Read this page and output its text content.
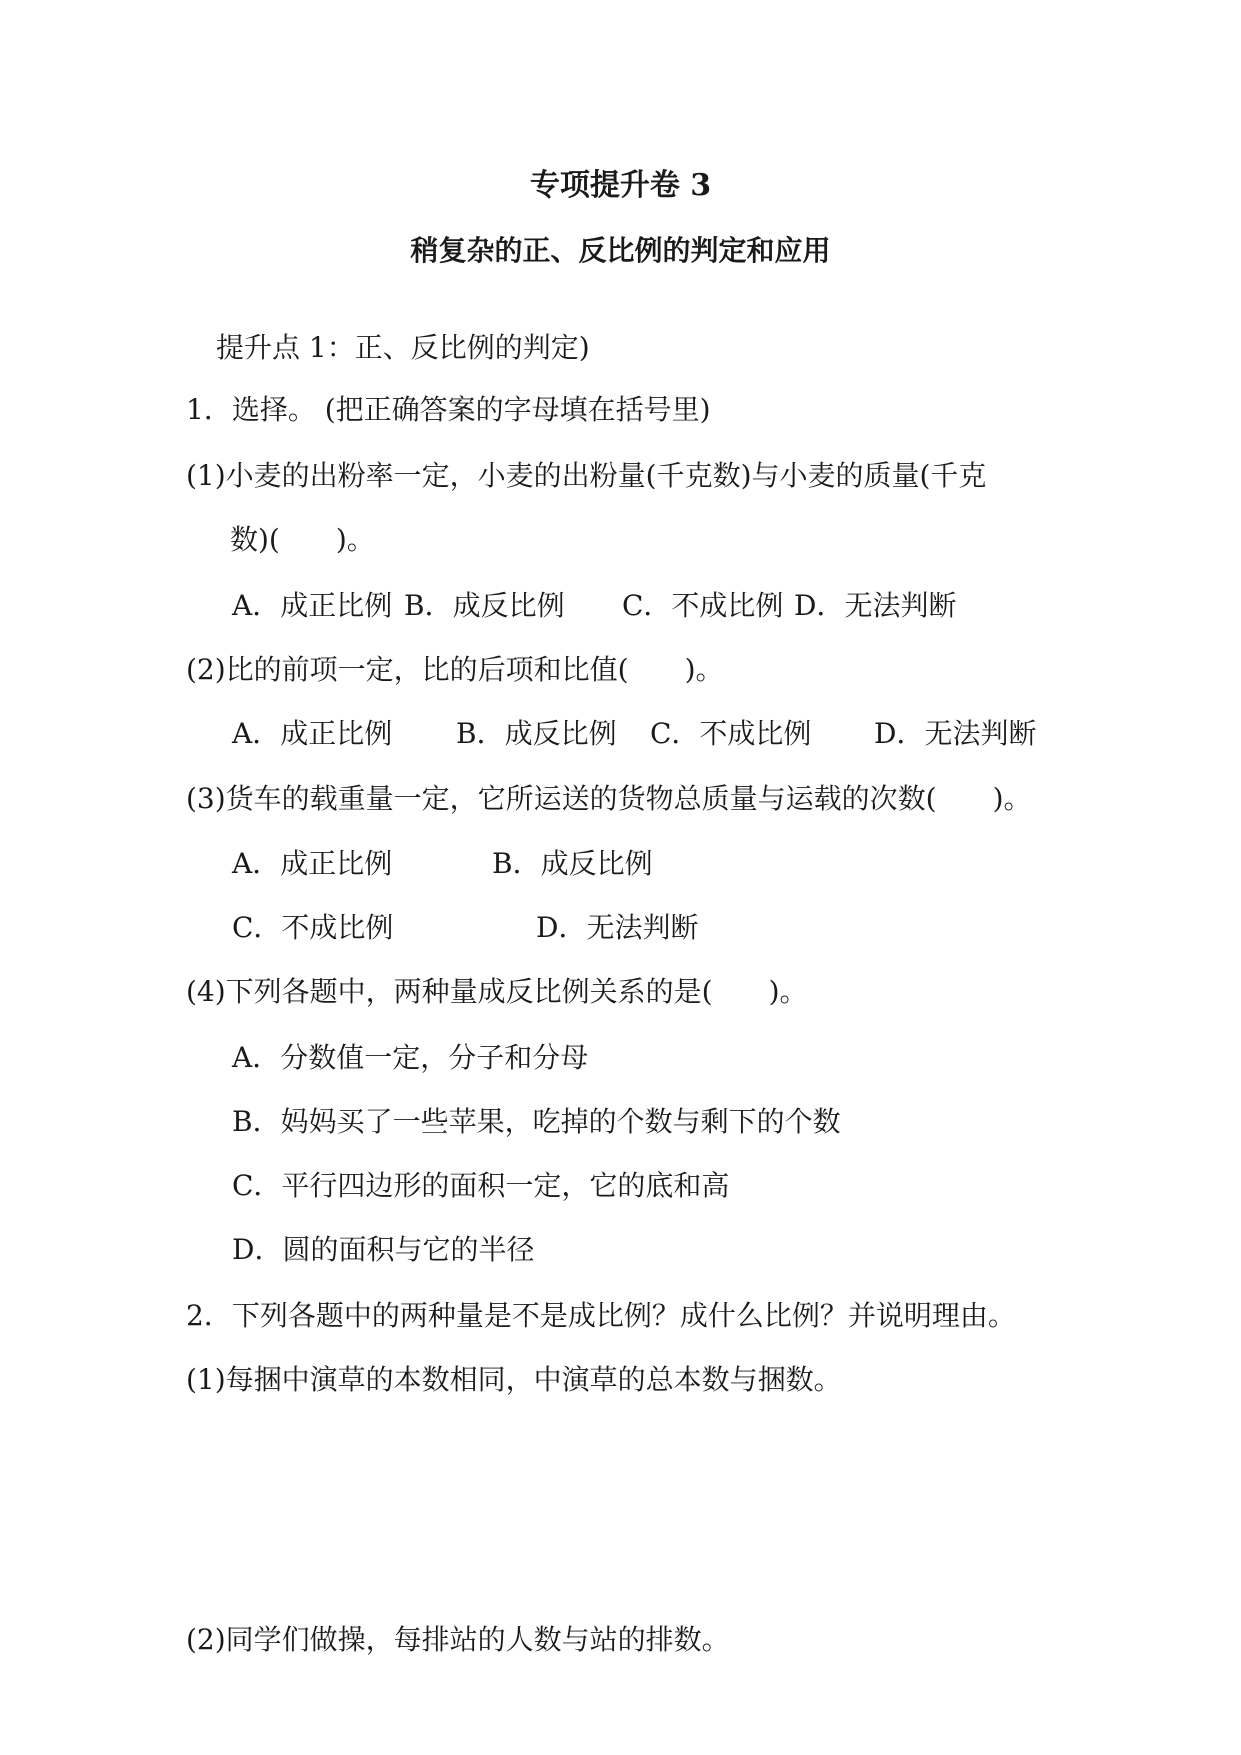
专项提升卷 3
稍复杂的正、反比例的判定和应用
提升点 1：正、反比例的判定)
1．选择。 (把正确答案的字母填在括号里)
(1)小麦的出粉率一定，小麦的出粉量(千克数)与小麦的质量(千克
数)(　　)。
A．成正比例 B．成反比例 C．不成比例 D．无法判断
(2)比的前项一定，比的后项和比值(　　)。
A．成正比例 B．成反比例 C．不成比例 D．无法判断
(3)货车的载重量一定，它所运送的货物总质量与运载的次数(　　)。
A．成正比例	B．成反比例
C．不成比例	D．无法判断
(4)下列各题中，两种量成反比例关系的是(　　)。
A．分数值一定，分子和分母
B．妈妈买了一些苹果，吃掉的个数与剩下的个数
C．平行四边形的面积一定，它的底和高
D．圆的面积与它的半径
2．下列各题中的两种量是不是成比例？成什么比例？并说明理由。
(1)每捆中演草的本数相同，中演草的总本数与捆数。
(2)同学们做操，每排站的人数与站的排数。
